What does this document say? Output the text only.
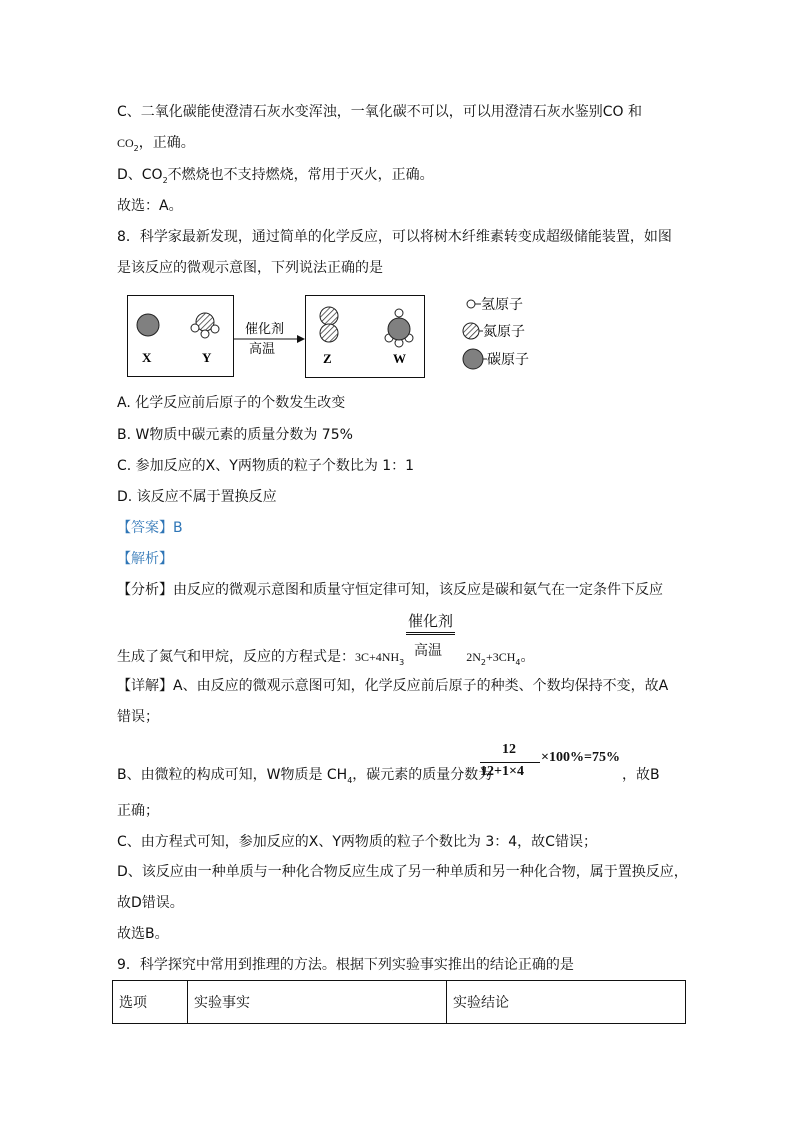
C、二氧化碳能使澄清石灰水变浑浊，一氧化碳不可以，可以用澄清石灰水鉴别CO 和
$CO_2$，正确。
D、$CO_2$不燃烧也不支持燃烧，常用于灭火，正确。
故选：A。
8．科学家最新发现，通过简单的化学反应，可以将树木纤维素转变成超级储能装置，如图
是该反应的微观示意图，下列说法正确的是
X	Y
催化剂
高温
Z	W
氢原子
氮原子
碳原子
A. 化学反应前后原子的个数发生改变
B. W物质中碳元素的质量分数为 75%
C. 参加反应的X、Y两物质的粒子个数比为 1：1
D. 该反应不属于置换反应
【答案】B
【解析】
【分析】由反应的微观示意图和质量守恒定律可知，该反应是碳和氨气在一定条件下反应
催化剂
高温
生成了氮气和甲烷，反应的方程式是：$3C+4NH_3$	$2N_2+3CH_4$。
【详解】A、由反应的微观示意图可知，化学反应前后原子的种类、个数均保持不变，故A
错误；
B、由微粒的构成可知，W物质是 $CH_4$，碳元素的质量分数为
12
12+1×4
×100%=75%
，故B
正确；
C、由方程式可知，参加反应的X、Y两物质的粒子个数比为 3：4，故C错误；
D、该反应由一种单质与一种化合物反应生成了另一种单质和另一种化合物，属于置换反应，
故D错误。
故选B。
9．科学探究中常用到推理的方法。根据下列实验事实推出的结论正确的是
选项	实验事实	实验结论
